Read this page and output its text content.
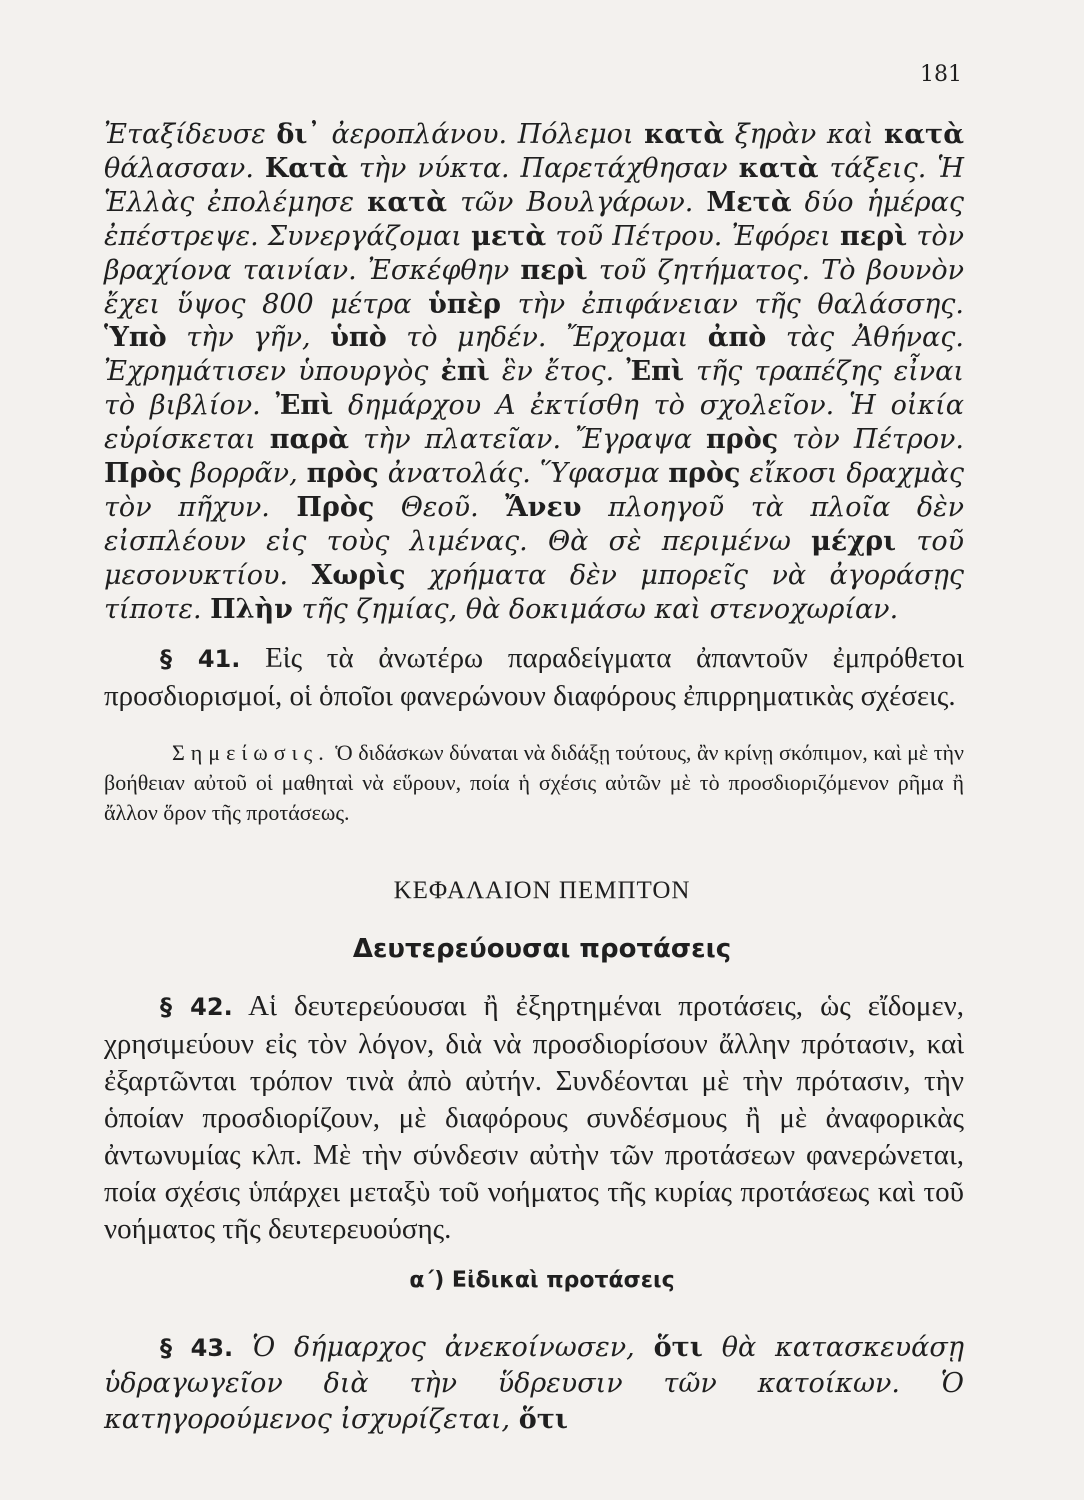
181
Ἐταξίδευσε δι᾽ ἀεροπλάνου. Πόλεμοι κατὰ ξηρὰν καὶ κατὰ θάλασσαν. Κατὰ τὴν νύκτα. Παρετάχθησαν κατὰ τάξεις. Ἡ Ἑλλὰς ἐπολέμησε κατὰ τῶν Βουλγάρων. Μετὰ δύο ἡμέρας ἐπέστρεψε. Συνεργάζομαι μετὰ τοῦ Πέτρου. Ἐφόρει περὶ τὸν βραχίονα ταινίαν. Ἐσκέφθην περὶ τοῦ ζητήματος. Τὸ βουνὸν ἔχει ὕψος 800 μέτρα ὑπὲρ τὴν ἐπιφάνειαν τῆς θαλάσσης. Ὑπὸ τὴν γῆν, ὑπὸ τὸ μηδέν. Ἔρχομαι ἀπὸ τὰς Ἀθήνας. Ἐχρημάτισεν ὑπουργὸς ἐπὶ ἓν ἔτος. Ἐπὶ τῆς τραπέζης εἶναι τὸ βιβλίον. Ἐπὶ δημάρχου Α ἐκτίσθη τὸ σχολεῖον. Ἡ οἰκία εὑρίσκεται παρὰ τὴν πλατεῖαν. Ἔγραψα πρὸς τὸν Πέτρον. Πρὸς βορρᾶν, πρὸς ἀνατολάς. Ὕφασμα πρὸς εἴκοσι δραχμὰς τὸν πῆχυν. Πρὸς Θεοῦ. Ἄνευ πλοηγοῦ τὰ πλοῖα δὲν εἰσπλέουν εἰς τοὺς λιμένας. Θὰ σὲ περιμένω μέχρι τοῦ μεσονυκτίου. Χωρὶς χρήματα δὲν μπορεῖς νὰ ἀγοράσῃς τίποτε. Πλὴν τῆς ζημίας, θὰ δοκιμάσω καὶ στενοχωρίαν.
§ 41. Εἰς τὰ ἀνωτέρω παραδείγματα ἀπαντοῦν ἐμπρόθετοι προσδιορισμοί, οἱ ὁποῖοι φανερώνουν διαφόρους ἐπιρρηματικὰς σχέσεις.
Σημείωσις. Ὁ διδάσκων δύναται νὰ διδάξῃ τούτους, ἂν κρίνῃ σκόπιμον, καὶ μὲ τὴν βοήθειαν αὐτοῦ οἱ μαθηταὶ νὰ εὕρουν, ποία ἡ σχέσις αὐτῶν μὲ τὸ προσδιοριζόμενον ρῆμα ἢ ἄλλον ὅρον τῆς προτάσεως.
ΚΕΦΑΛΑΙΟΝ ΠΕΜΠΤΟΝ
Δευτερεύουσαι προτάσεις
§ 42. Αἱ δευτερεύουσαι ἢ ἐξηρτημέναι προτάσεις, ὡς εἴδομεν, χρησιμεύουν εἰς τὸν λόγον, διὰ νὰ προσδιορίσουν ἄλλην πρότασιν, καὶ ἐξαρτῶνται τρόπον τινὰ ἀπὸ αὐτήν. Συνδέονται μὲ τὴν πρότασιν, τὴν ὁποίαν προσδιορίζουν, μὲ διαφόρους συνδέσμους ἢ μὲ ἀναφορικὰς ἀντωνυμίας κλπ. Μὲ τὴν σύνδεσιν αὐτὴν τῶν προτάσεων φανερώνεται, ποία σχέσις ὑπάρχει μεταξὺ τοῦ νοήματος τῆς κυρίας προτάσεως καὶ τοῦ νοήματος τῆς δευτερευούσης.
α΄) Εἰδικαὶ προτάσεις
§ 43. Ὁ δήμαρχος ἀνεκοίνωσεν, ὅτι θὰ κατασκευάσῃ ὑδραγωγεῖον διὰ τὴν ὕδρευσιν τῶν κατοίκων. Ὁ κατηγορούμενος ἰσχυρίζεται, ὅτι
